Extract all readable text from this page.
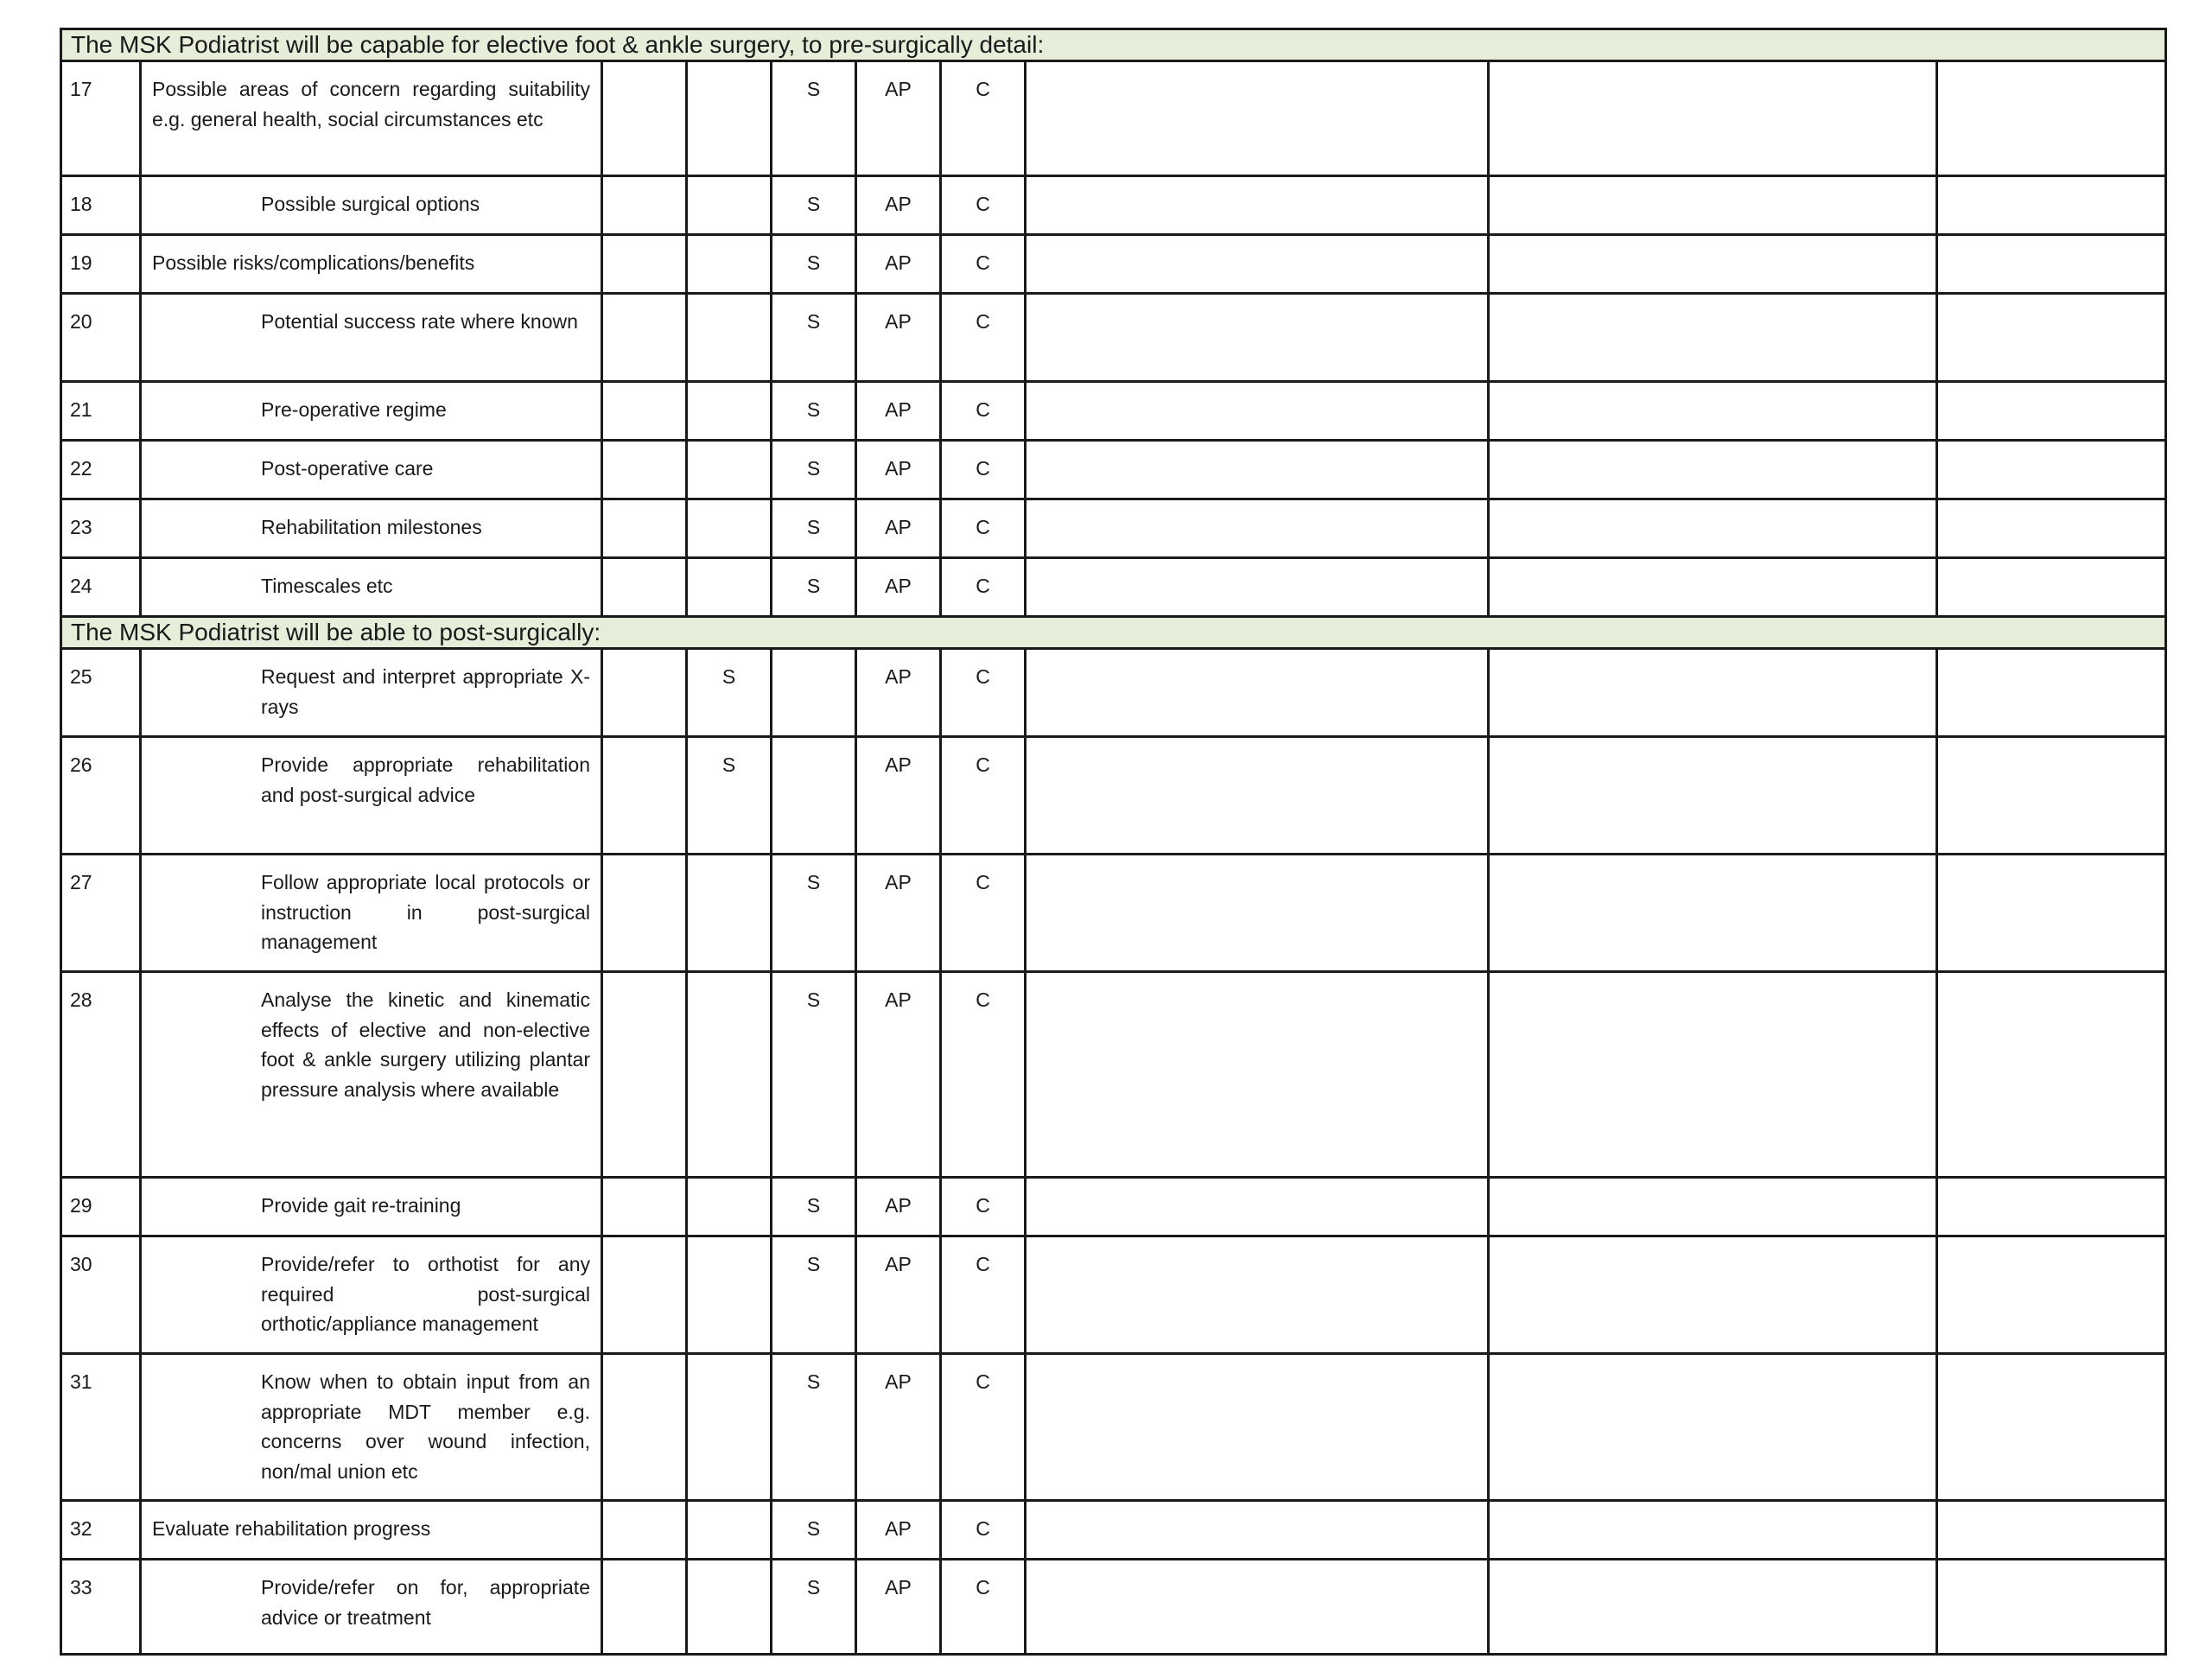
The MSK Podiatrist will be capable for elective foot & ankle surgery, to pre-surgically detail:									
17	Possible areas of concern regarding suitability e.g. general health, social circumstances etc			S	AP	C			
18	Possible surgical options			S	AP	C			
19	Possible risks/complications/benefits			S	AP	C			
20	Potential success rate where known			S	AP	C			
21	Pre-operative regime			S	AP	C			
22	Post-operative care			S	AP	C			
23	Rehabilitation milestones			S	AP	C			
24	Timescales etc			S	AP	C			
The MSK Podiatrist will be able to post-surgically:									
25	Request and interpret appropriate X-rays		S		AP	C			
26	Provide appropriate rehabilitation and post-surgical advice		S		AP	C			
27	Follow appropriate local protocols or instruction in post-surgical management			S	AP	C			
28	Analyse the kinetic and kinematic effects of elective and non-elective foot & ankle surgery utilizing plantar pressure analysis where available			S	AP	C			
29	Provide gait re-training			S	AP	C			
30	Provide/refer to orthotist for any required post-surgical orthotic/appliance management			S	AP	C			
31	Know when to obtain input from an appropriate MDT member e.g. concerns over wound infection, non/mal union etc			S	AP	C			
32	Evaluate rehabilitation progress			S	AP	C			
33	Provide/refer on for, appropriate advice or treatment			S	AP	C			
